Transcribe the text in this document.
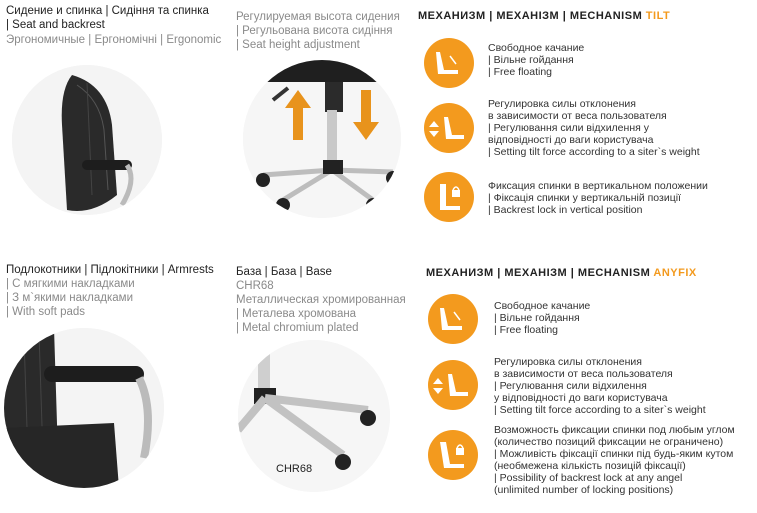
Сидение и спинка | Сидіння та спинка
| Seat and backrest
Эргономичные | Ергономічні | Ergonomic
Регулируемая высота сидения
| Регульована висота сидіння
| Seat height adjustment
МЕХАНИЗМ | МЕХАНІЗМ | MECHANISM TILT
Свободное качание
| Вільне гойдання
| Free floating
Регулировка силы отклонения
в зависимости от веса пользователя
| Регулювання сили відхилення у
відповідності до ваги користувача
| Setting tilt force according to a siter`s weight
Фиксация спинки в вертикальном положении
| Фіксація спинки у вертикальній позиції
| Backrest lock in vertical position
Подлокотники | Підлокітники | Armrests
| С мягкими накладками
| З м`якими накладками
| With soft pads
База | База | Base
CHR68
Металлическая хромированная
| Металева хромована
| Metal chromium plated
CHR68
МЕХАНИЗМ | МЕХАНІЗМ | MECHANISM ANYFIX
Свободное качание
| Вільне гойдання
| Free floating
Регулировка силы отклонения
в зависимости от веса пользователя
| Регулювання сили відхилення
у відповідності до ваги користувача
| Setting tilt force according to a siter`s weight
Возможность фиксации спинки под любым углом
(количество позиций фиксации не ограничено)
| Можливість фіксації спинки під будь-яким кутом
(необмежена кількість позицій фіксації)
| Possibility of backrest lock at any angel
(unlimited number of locking positions)
